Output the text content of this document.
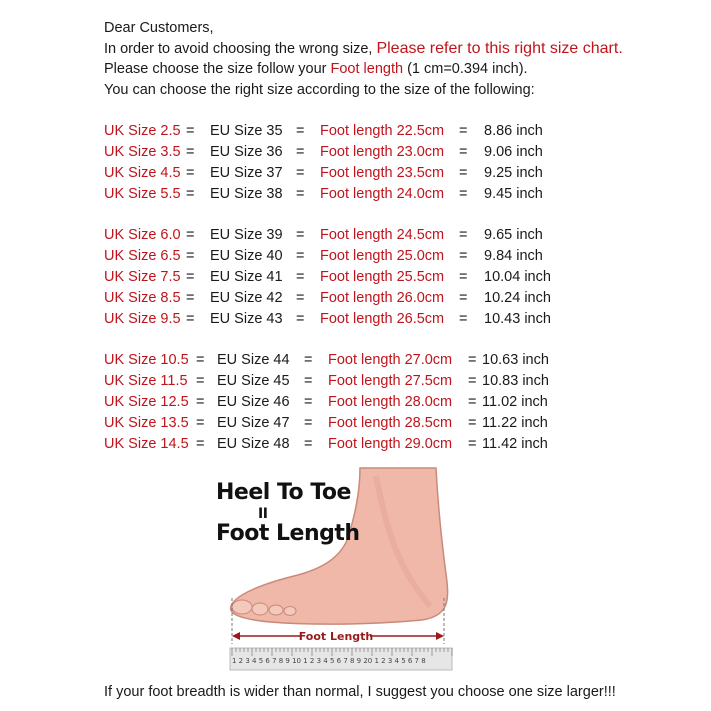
Dear Customers,
In order to avoid choosing the wrong size, Please refer to this right size chart.
Please choose the size follow your Foot length (1 cm=0.394 inch).
You can choose the right size according to the size of the following:
UK Size 2.5 = EU Size 35 = Foot length 22.5cm = 8.86 inch
UK Size 3.5 = EU Size 36 = Foot length 23.0cm = 9.06 inch
UK Size 4.5 = EU Size 37 = Foot length 23.5cm = 9.25 inch
UK Size 5.5 = EU Size 38 = Foot length 24.0cm = 9.45 inch
UK Size 6.0 = EU Size 39 = Foot length 24.5cm = 9.65 inch
UK Size 6.5 = EU Size 40 = Foot length 25.0cm = 9.84 inch
UK Size 7.5 = EU Size 41 = Foot length 25.5cm = 10.04 inch
UK Size 8.5 = EU Size 42 = Foot length 26.0cm = 10.24 inch
UK Size 9.5 = EU Size 43 = Foot length 26.5cm = 10.43 inch
UK Size 10.5 = EU Size 44 = Foot length 27.0cm = 10.63 inch
UK Size 11.5 = EU Size 45 = Foot length 27.5cm = 10.83 inch
UK Size 12.5 = EU Size 46 = Foot length 28.0cm = 11.02 inch
UK Size 13.5 = EU Size 47 = Foot length 28.5cm = 11.22 inch
UK Size 14.5 = EU Size 48 = Foot length 29.0cm = 11.42 inch
Foot Length
1 2 3 4 5 6 7 8 9 10 1 2 3 4 5 6 7 8 9 20 1 2 3 4 5 6 7 8
Heel To Toe
II
Foot Length
If your foot breadth is wider than normal, I suggest you choose one size larger!!!
